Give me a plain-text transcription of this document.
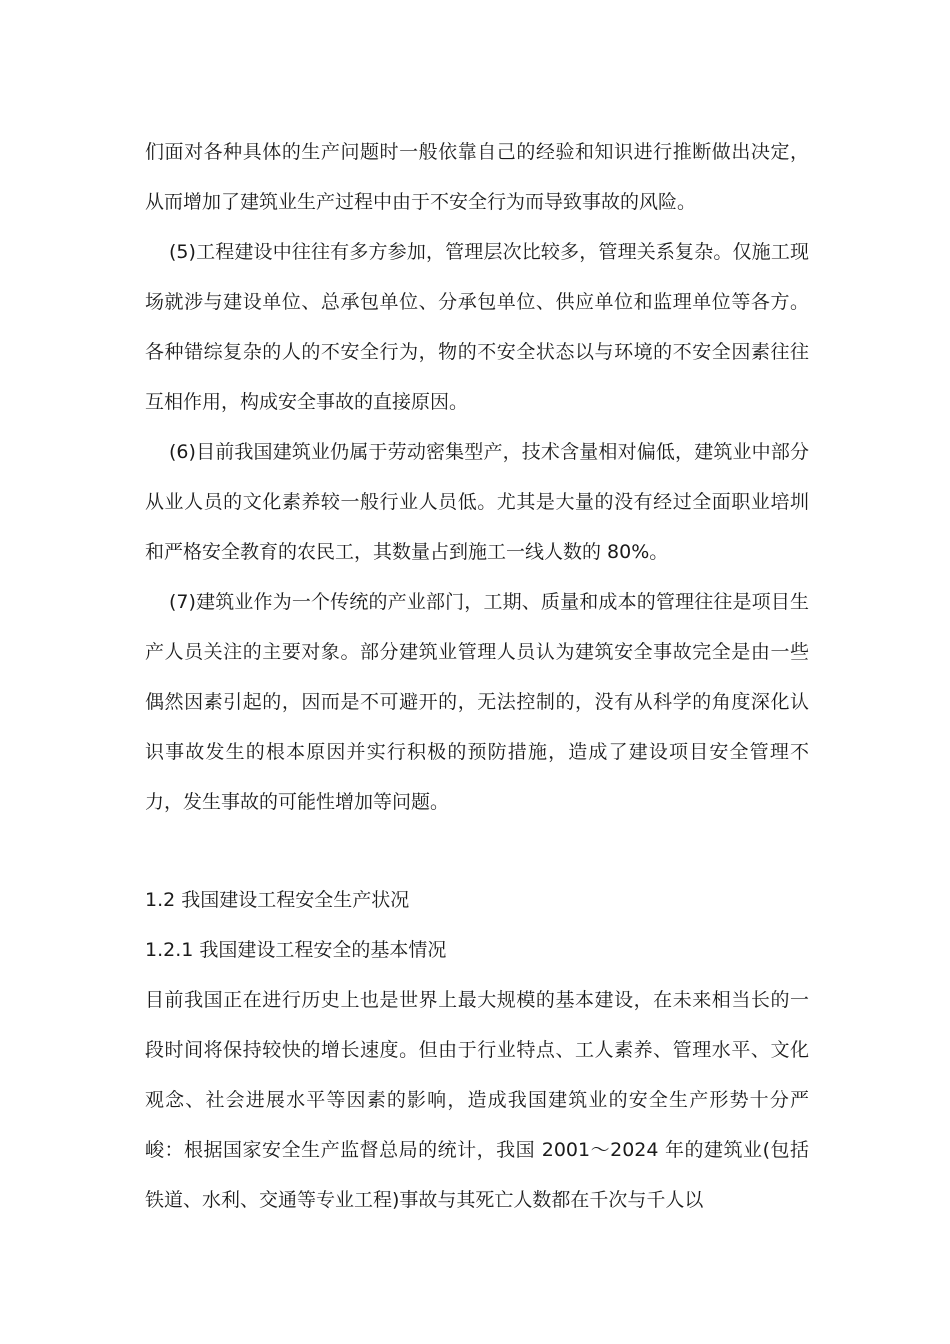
们面对各种具体的生产问题时一般依靠自己的经验和知识进行推断做出决定，从而增加了建筑业生产过程中由于不安全行为而导致事故的风险。

(5)工程建设中往往有多方参加，管理层次比较多，管理关系复杂。仅施工现场就涉与建设单位、总承包单位、分承包单位、供应单位和监理单位等各方。各种错综复杂的人的不安全行为，物的不安全状态以与环境的不安全因素往往互相作用，构成安全事故的直接原因。

(6)目前我国建筑业仍属于劳动密集型产，技术含量相对偏低，建筑业中部分从业人员的文化素养较一般行业人员低。尤其是大量的没有经过全面职业培圳和严格安全教育的农民工，其数量占到施工一线人数的 80%。

(7)建筑业作为一个传统的产业部门，工期、质量和成本的管理往往是项目生产人员关注的主要对象。部分建筑业管理人员认为建筑安全事故完全是由一些偶然因素引起的，因而是不可避开的，无法控制的，没有从科学的角度深化认识事故发生的根本原因并实行积极的预防措施，造成了建设项目安全管理不力，发生事故的可能性增加等问题。

1.2 我国建设工程安全生产状况

1.2.1 我国建设工程安全的基本情况

目前我国正在进行历史上也是世界上最大规模的基本建设，在未来相当长的一段时间将保持较快的增长速度。但由于行业特点、工人素养、管理水平、文化观念、社会进展水平等因素的影响，造成我国建筑业的安全生产形势十分严峻：根据国家安全生产监督总局的统计，我国 2001～2024 年的建筑业(包括铁道、水利、交通等专业工程)事故与其死亡人数都在千次与千人以
